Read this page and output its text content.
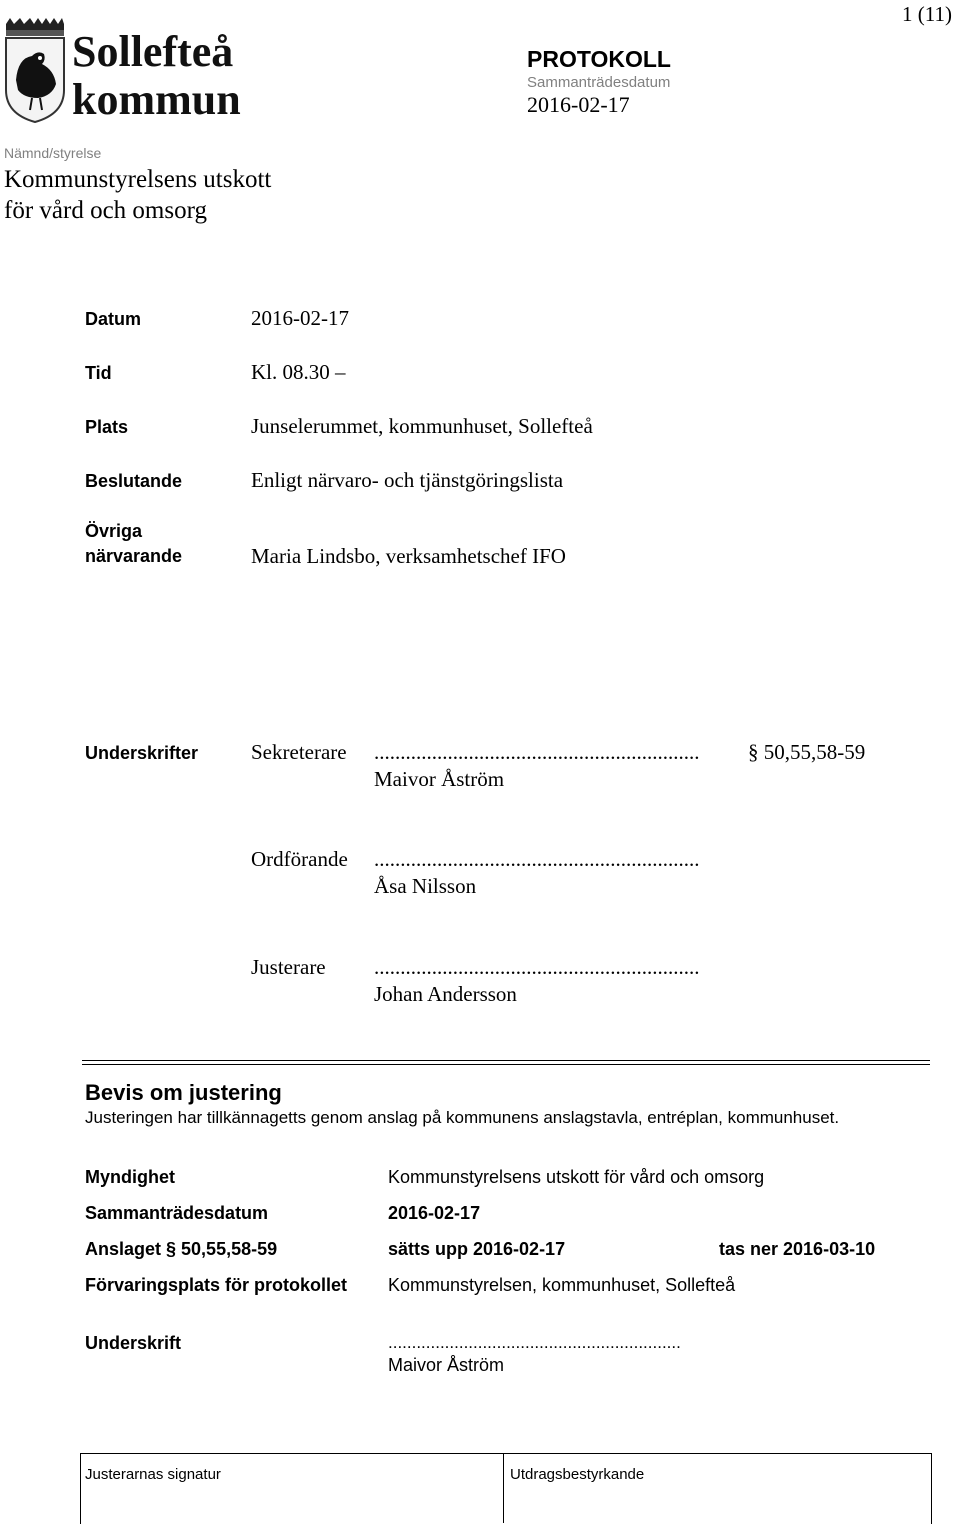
1 (11)
Sollefteå
kommun
PROTOKOLL
Sammanträdesdatum
2016-02-17
Nämnd/styrelse
Kommunstyrelsens utskott
för vård och omsorg
Datum	2016-02-17
Tid	Kl. 08.30 –
Plats	Junselerummet, kommunhuset, Sollefteå
Beslutande	Enligt närvaro- och tjänstgöringslista
Övriga
närvarande	Maria Lindsbo, verksamhetschef IFO
Underskrifter	Sekreterare .............................................................. § 50,55,58-59
Maivor Åström
Ordförande ..............................................................
Åsa Nilsson
Justerare ..............................................................
Johan Andersson
Bevis om justering
Justeringen har tillkännagetts genom anslag på kommunens anslagstavla, entréplan, kommunhuset.
Myndighet	Kommunstyrelsens utskott för vård och omsorg
Sammanträdesdatum	2016-02-17
Anslaget § 50,55,58-59	sätts upp 2016-02-17	tas ner 2016-03-10
Förvaringsplats för protokollet Kommunstyrelsen, kommunhuset, Sollefteå
Underskrift	..............................................................
Maivor Åström
Justerarnas signatur	Utdragsbestyrkande
